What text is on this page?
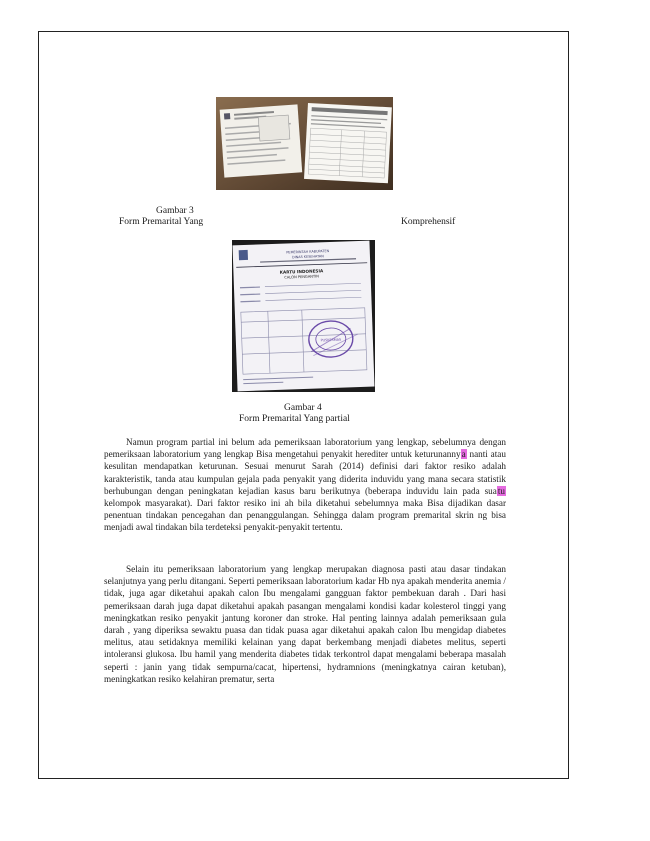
Gambar 3
Form Premarital Yang	Komprehensif
PEMERINTAH KABUPATEN
DINAS KESEHATAN
KARTU INDONESIA
CALON PENGANTIN
PUSKESMAS
Gambar 4
Form Premarital Yang partial

Namun program partial ini belum ada pemeriksaan laboratorium yang lengkap, sebelumnya dengan pemeriksaan laboratorium yang lengkap Bisa mengetahui penyakit herediter untuk keturunannya nanti atau kesulitan mendapatkan keturunan. Sesuai menurut Sarah (2014) definisi dari faktor resiko adalah karakteristik, tanda atau kumpulan gejala pada penyakit yang diderita induvidu yang mana secara statistik berhubungan dengan peningkatan kejadian kasus baru berikutnya (beberapa induvidu lain pada suatu kelompok masyarakat). Dari faktor resiko ini ah bila diketahui sebelumnya maka Bisa dijadikan dasar penentuan tindakan pencegahan dan penanggulangan. Sehingga dalam program premarital skrin ng bisa menjadi awal tindakan bila terdeteksi penyakit-penyakit tertentu.

Selain itu pemeriksaan laboratorium yang lengkap merupakan diagnosa pasti atau dasar tindakan selanjutnya yang perlu ditangani. Seperti pemeriksaan laboratorium kadar Hb nya apakah menderita anemia / tidak, juga agar diketahui apakah calon Ibu mengalami gangguan faktor pembekuan darah . Dari hasi pemeriksaan darah juga dapat diketahui apakah pasangan mengalami kondisi kadar kolesterol tinggi yang meningkatkan resiko penyakit jantung koroner dan stroke. Hal penting lainnya adalah pemeriksaan gula darah , yang diperiksa sewaktu puasa dan tidak puasa agar diketahui apakah calon Ibu mengidap diabetes melitus, atau setidaknya memiliki kelainan yang dapat berkembang menjadi diabetes melitus, seperti intoleransi glukosa. Ibu hamil yang menderita diabetes tidak terkontrol dapat mengalami beberapa masalah seperti : janin yang tidak sempurna/cacat, hipertensi, hydramnions (meningkatnya cairan ketuban), meningkatkan resiko kelahiran prematur, serta
